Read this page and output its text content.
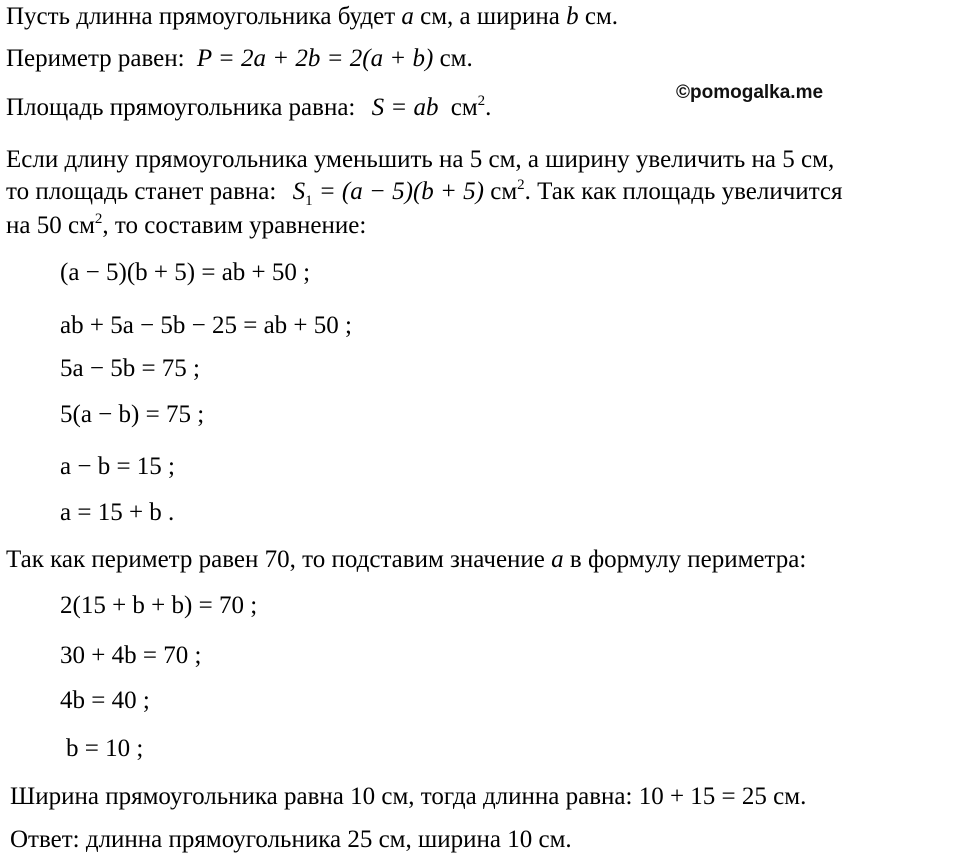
©pomogalka.me
Пусть длинна прямоугольника будет a см, а ширина b см.
Периметр равен: P = 2a + 2b = 2(a + b) см.
Площадь прямоугольника равна: S = ab $см^2$.
Если длину прямоугольника уменьшить на 5 см, а ширину увеличить на 5 см,
то площадь станет равна: $S_1 = (a - 5)(b + 5)$ $см^2$. Так как площадь увеличится
на 50 $см^2$, то составим уравнение:
(a − 5)(b + 5) = ab + 50 ;
ab + 5a − 5b − 25 = ab + 50 ;
5a − 5b = 75 ;
5(a − b) = 75 ;
a − b = 15 ;
a = 15 + b .
Так как периметр равен 70, то подставим значение a в формулу периметра:
2(15 + b + b) = 70 ;
30 + 4b = 70 ;
4b = 40 ;
b = 10 ;
Ширина прямоугольника равна 10 см, тогда длинна равна: 10 + 15 = 25 см.
Ответ: длинна прямоугольника 25 см, ширина 10 см.
